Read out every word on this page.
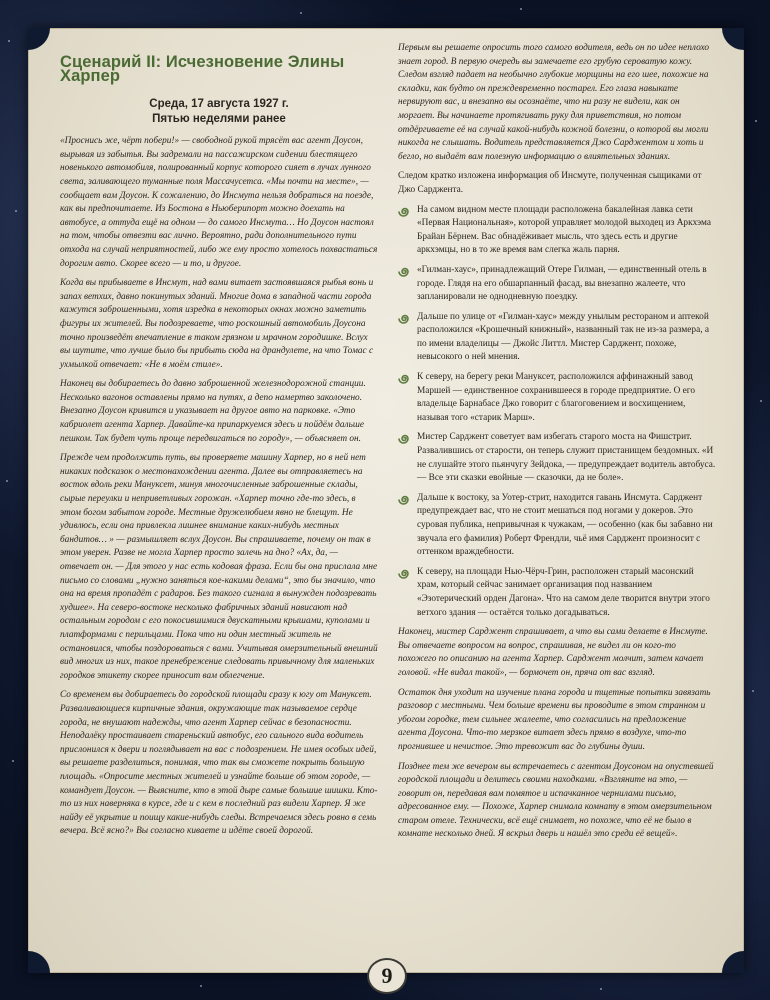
Сценарий II: Исчезновение Элины Харпер
Среда, 17 августа 1927 г.
Пятью неделями ранее

«Проснись же, чёрт побери!» — свободной рукой трясёт вас агент Доусон, вырывая из забытья. Вы задремали на пассажирском сидении блестящего новенького автомобиля, полированный корпус которого сияет в лучах лунного света, заливающего туманные поля Массачусетса. «Мы почти на месте», — сообщает вам Доусон. К сожалению, до Инсмута нельзя добраться на поезде, как вы предпочитаете. Из Бостона в Ньюберипорт можно доехать на автобусе, а оттуда ещё на одном — до самого Инсмута… Но Доусон настоял на том, чтобы отвезти вас лично. Вероятно, ради дополнительного пути отхода на случай неприятностей, либо же ему просто хотелось похвастаться дорогим авто. Скорее всего — и то, и другое.

Когда вы прибываете в Инсмут, над вами витает застоявшаяся рыбья вонь и запах ветхих, давно покинутых зданий. Многие дома в западной части города кажутся заброшенными, хотя изредка в некоторых окнах можно заметить фигуры их жителей. Вы подозреваете, что роскошный автомобиль Доусона точно произведёт впечатление в таком грязном и мрачном городишке. Вслух вы шутите, что лучше было бы прибыть сюда на драндулете, на что Томас с ухмылкой отвечает: «Не в моём стиле».

Наконец вы добираетесь до давно заброшенной железнодорожной станции. Несколько вагонов оставлены прямо на путях, а депо намертво заколочено. Внезапно Доусон кривится и указывает на другое авто на парковке. «Это кабриолет агента Харпер. Давайте-ка припаркуемся здесь и пойдём дальше пешком. Так будет чуть проще передвигаться по городу», — объясняет он.

Прежде чем продолжить путь, вы проверяете машину Харпер, но в ней нет никаких подсказок о местонахождении агента. Далее вы отправляетесь на восток вдоль реки Мануксет, минуя многочисленные заброшенные склады, сырые переулки и неприветливых горожан. «Харпер точно где-то здесь, в этом богом забытом городе. Местные дружелюбием явно не блещут. Не удивлюсь, если она привлекла лишнее внимание каких-нибудь местных бандитов… » — размышляет вслух Доусон. Вы спрашиваете, почему он так в этом уверен. Разве не могла Харпер просто залечь на дно? «Ах, да, — отвечает он. — Для этого у нас есть кодовая фраза. Если бы она прислала мне письмо со словами „нужно заняться кое-какими делами“, это бы значило, что она на время пропадёт с радаров. Без такого сигнала я вынужден подозревать худшее». На северо-востоке несколько фабричных зданий нависают над остальным городом с его покосившимися двускатными крышами, куполами и платформами с перильцами. Пока что ни один местный житель не остановился, чтобы поздороваться с вами. Учитывая омерзительный внешний вид многих из них, такое пренебрежение следовать привычному для маленьких городков этикету скорее приносит вам облегчение.

Со временем вы добираетесь до городской площади сразу к югу от Мануксет. Разваливающиеся кирпичные здания, окружающие так называемое сердце города, не внушают надежды, что агент Харпер сейчас в безопасности. Неподалёку простаивает стареньский автобус, его сального вида водитель прислонился к двери и поглядывает на вас с подозрением. Не имея особых идей, вы решаете разделиться, понимая, что так вы сможете покрыть большую площадь. «Опросите местных жителей и узнайте больше об этом городе, — командует Доусон. — Выясните, кто в этой дыре самые большие шишки. Кто-то из них наверняка в курсе, где и с кем в последний раз видели Харпер. Я же найду её укрытие и поищу какие-нибудь следы. Встречаемся здесь ровно в семь вечера. Всё ясно?» Вы согласно киваете и идёте своей дорогой.

Первым вы решаете опросить того самого водителя, ведь он по идее неплохо знает город. В первую очередь вы замечаете его грубую сероватую кожу. Следом взгляд падает на необычно глубокие морщины на его шее, похожие на складки, как будто он преждевременно постарел. Его глаза навыкате нервируют вас, и внезапно вы осознаёте, что ни разу не видели, как он моргает. Вы начинаете протягивать руку для приветствия, но потом отдёргиваете её на случай какой-нибудь кожной болезни, о которой вы могли никогда не слышать. Водитель представляется Джо Сарджентом и хоть и бегло, но выдаёт вам полезную информацию о влиятельных зданиях.

Следом кратко изложена информация об Инсмуте, полученная сыщиками от Джо Сарджента.

На самом видном месте площади расположена бакалейная лавка сети «Первая Национальная», которой управляет молодой выходец из Аркхэма Брайан Бёрнем. Вас обнадёживает мысль, что здесь есть и другие аркхэмцы, но в то же время вам слегка жаль парня.
«Гилман-хаус», принадлежащий Отере Гилман, — единственный отель в городе. Глядя на его обшарпанный фасад, вы внезапно жалеете, что запланировали не однодневную поездку.
Дальше по улице от «Гилман-хаус» между унылым рестораном и аптекой расположился «Крошечный книжный», названный так не из-за размера, а по имени владелицы — Джойс Литтл. Мистер Сарджент, похоже, невысокого о ней мнения.
К северу, на берегу реки Мануксет, расположился аффинажный завод Маршей — единственное сохранившееся в городе предприятие. О его владельце Барнабасе Джо говорит с благоговением и восхищением, называя того «старик Марш».
Мистер Сарджент советует вам избегать старого моста на Фишстрит. Развалившись от старости, он теперь служит пристанищем бездомных. «И не слушайте этого пьянчугу Зейдока, — предупреждает водитель автобуса. — Все эти сказки евойные — сказочки, да не боле».
Дальше к востоку, за Уотер-стрит, находится гавань Инсмута. Сарджент предупреждает вас, что не стоит мешаться под ногами у докеров. Это суровая публика, непривычная к чужакам, — особенно (как бы забавно ни звучала его фамилия) Роберт Френдли, чьё имя Сарджент произносит с оттенком враждебности.
К северу, на площади Нью-Чёрч-Грин, расположен старый масонский храм, который сейчас занимает организация под названием «Эзотерический орден Дагона». Что на самом деле творится внутри этого ветхого здания — остаётся только догадываться.

Наконец, мистер Сарджент спрашивает, а что вы сами делаете в Инсмуте. Вы отвечаете вопросом на вопрос, спрашивая, не видел ли он кого-то похожего по описанию на агента Харпер. Сарджент молчит, затем качает головой. «Не видал такой», — бормочет он, пряча от вас взгляд.

Остаток дня уходит на изучение плана города и тщетные попытки завязать разговор с местными. Чем больше времени вы проводите в этом странном и убогом городке, тем сильнее жалеете, что согласились на предложение агента Доусона. Что-то мерзкое витает здесь прямо в воздухе, что-то прогнившее и нечистое. Это тревожит вас до глубины души.

Позднее тем же вечером вы встречаетесь с агентом Доусоном на опустевшей городской площади и делитесь своими находками. «Взгляните на это, — говорит он, передавая вам помятое и испачканное чернилами письмо, адресованное ему. — Похоже, Харпер снимала комнату в этом омерзительном старом отеле. Технически, всё ещё снимает, но похоже, что её не было в комнате несколько дней. Я вскрыл дверь и нашёл это среди её вещей».

9
